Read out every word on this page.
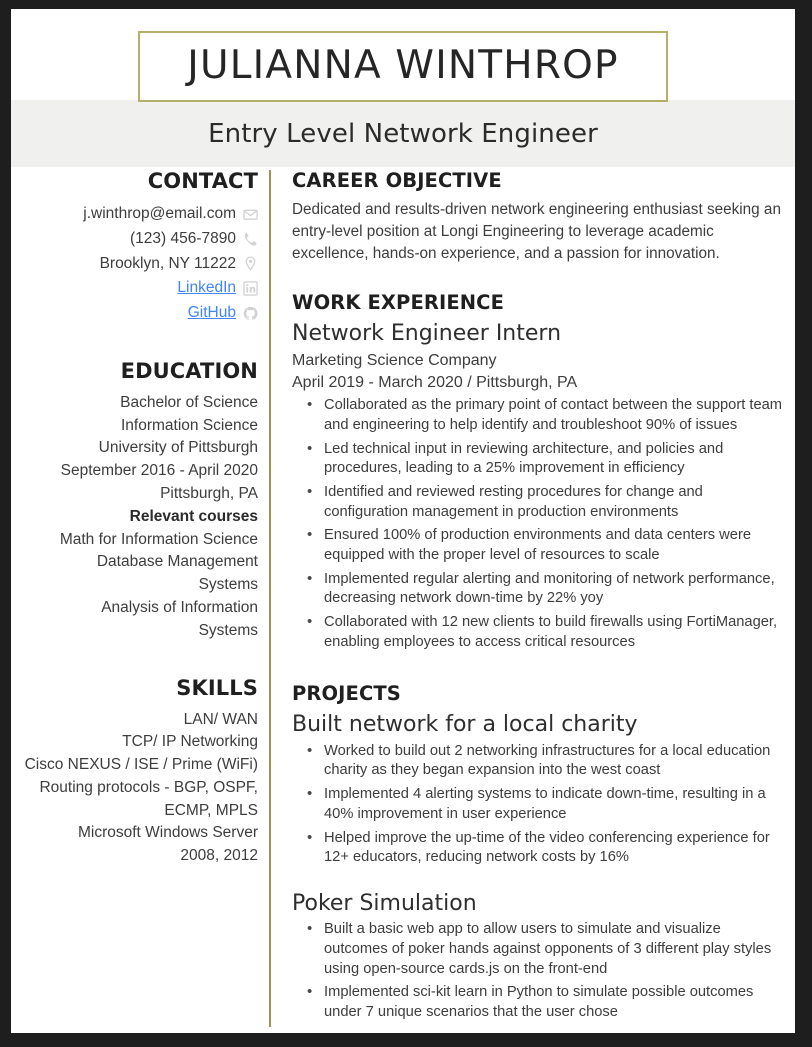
JULIANNA WINTHROP
Entry Level Network Engineer
CONTACT
j.winthrop@email.com
(123) 456-7890
Brooklyn, NY 11222
LinkedIn
GitHub
EDUCATION
Bachelor of Science
Information Science
University of Pittsburgh
September 2016 - April 2020
Pittsburgh, PA
Relevant courses
Math for Information Science
Database Management
Systems
Analysis of Information
Systems
SKILLS
LAN/ WAN
TCP/ IP Networking
Cisco NEXUS / ISE / Prime (WiFi)
Routing protocols - BGP, OSPF,
ECMP, MPLS
Microsoft Windows Server
2008, 2012
CAREER OBJECTIVE

Dedicated and results-driven network engineering enthusiast seeking an entry-level position at Longi Engineering to leverage academic excellence, hands-on experience, and a passion for innovation.

WORK EXPERIENCE
Network Engineer Intern
Marketing Science Company
April 2019 - March 2020 / Pittsburgh, PA
• Collaborated as the primary point of contact between the support team and engineering to help identify and troubleshoot 90% of issues
• Led technical input in reviewing architecture, and policies and procedures, leading to a 25% improvement in efficiency
• Identified and reviewed resting procedures for change and configuration management in production environments
• Ensured 100% of production environments and data centers were equipped with the proper level of resources to scale
• Implemented regular alerting and monitoring of network performance, decreasing network down-time by 22% yoy
• Collaborated with 12 new clients to build firewalls using FortiManager, enabling employees to access critical resources
PROJECTS
Built network for a local charity
• Worked to build out 2 networking infrastructures for a local education charity as they began expansion into the west coast
• Implemented 4 alerting systems to indicate down-time, resulting in a 40% improvement in user experience
• Helped improve the up-time of the video conferencing experience for 12+ educators, reducing network costs by 16%
Poker Simulation
• Built a basic web app to allow users to simulate and visualize outcomes of poker hands against opponents of 3 different play styles using open-source cards.js on the front-end
• Implemented sci-kit learn in Python to simulate possible outcomes under 7 unique scenarios that the user chose
